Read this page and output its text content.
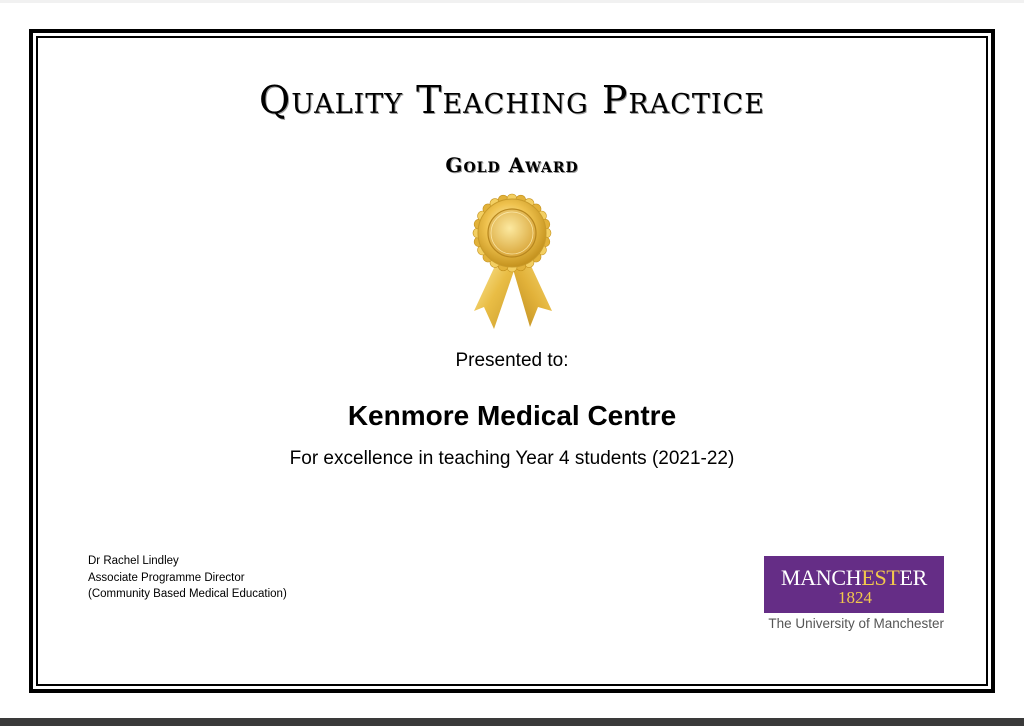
Quality Teaching Practice
Gold Award

Presented to:

Kenmore Medical Centre

For excellence in teaching Year 4 students (2021-22)

Dr Rachel Lindley
Associate Programme Director
(Community Based Medical Education)
MANCHESTER
1824
The University of Manchester
